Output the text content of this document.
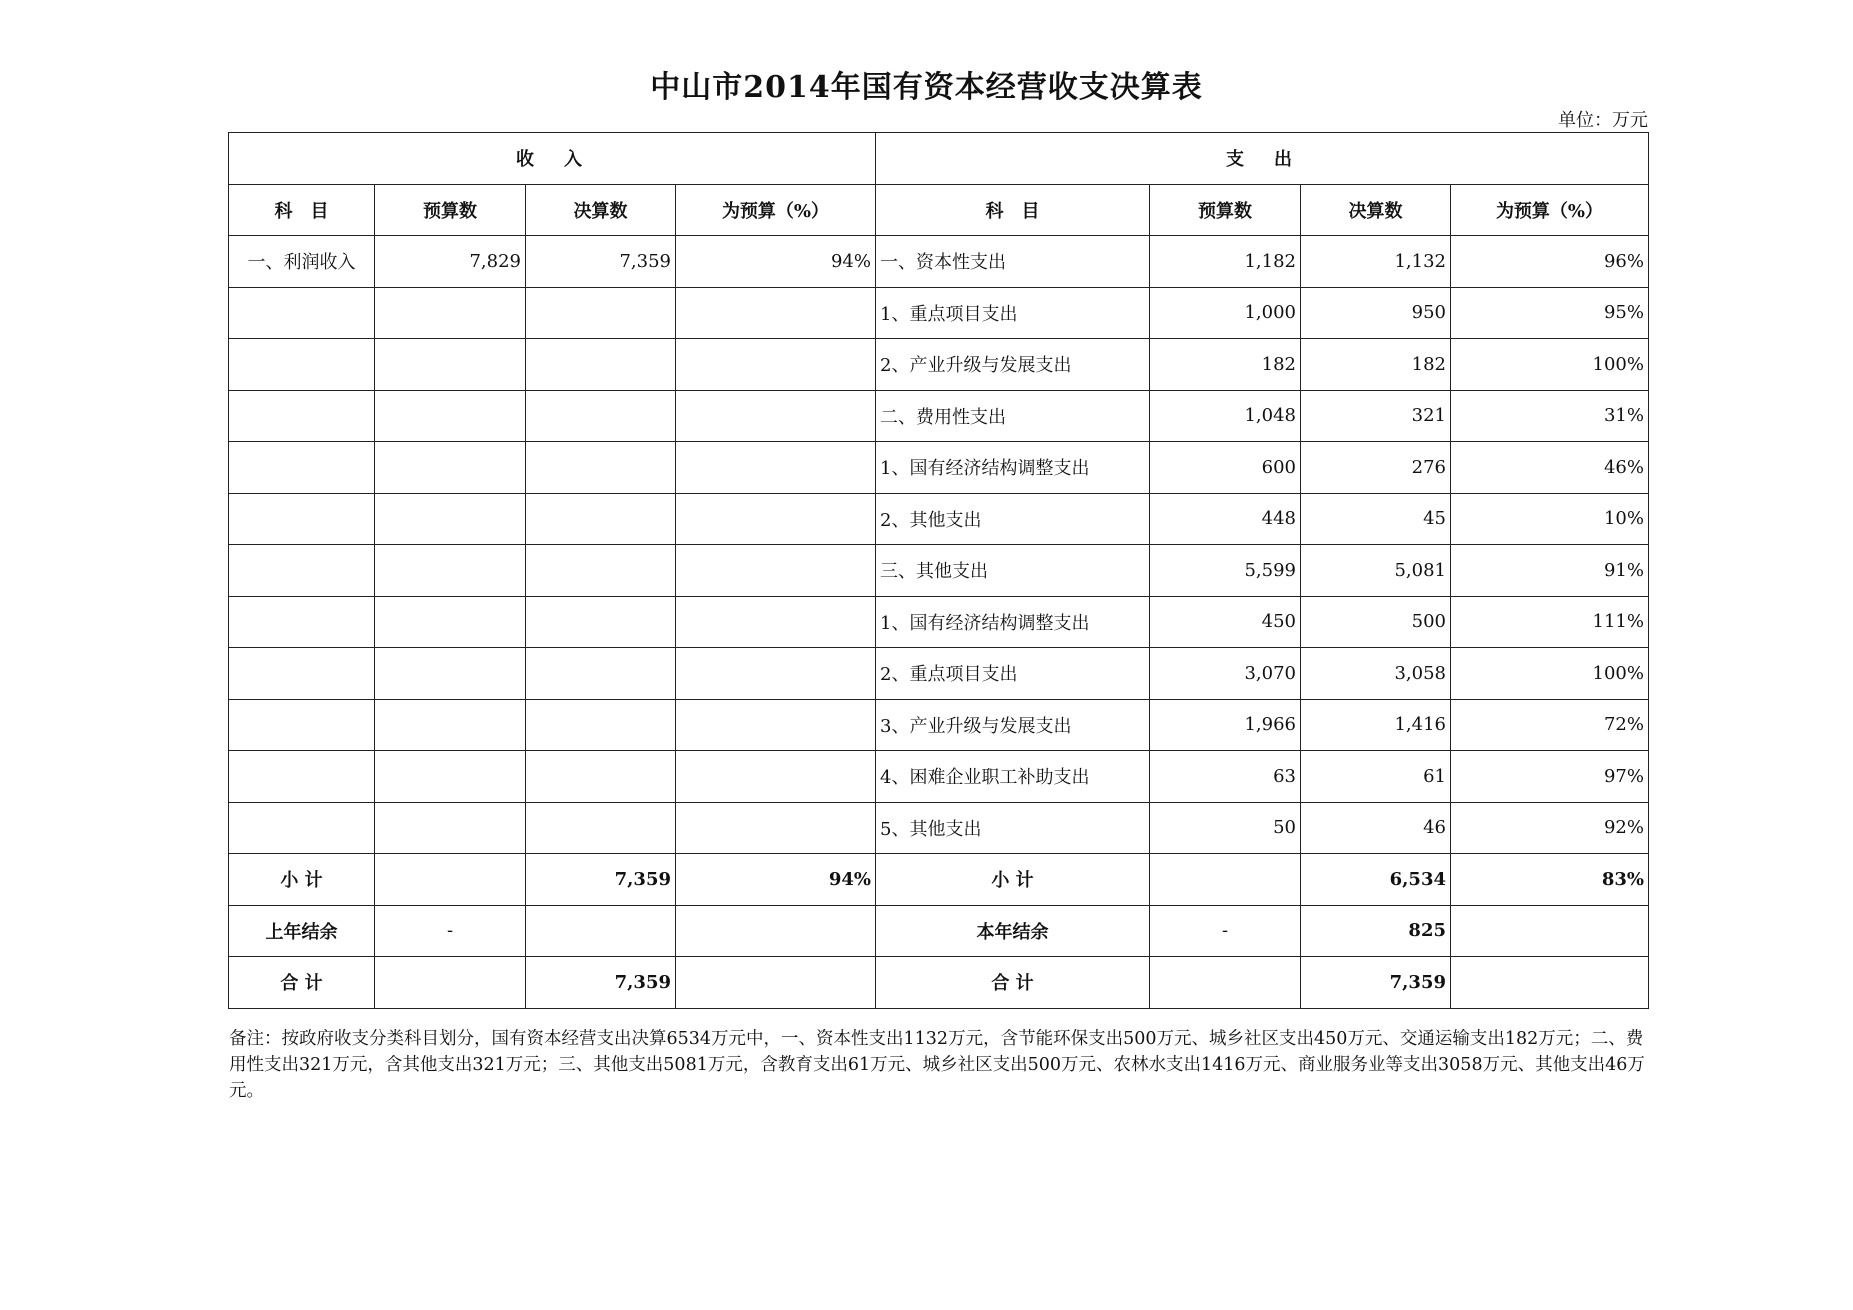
中山市2014年国有资本经营收支决算表
单位：万元
收　入				支　出			
科　目	预算数	决算数	为预算（%）	科　目	预算数	决算数	为预算（%）
一、利润收入	7,829	7,359	94%	一、资本性支出	1,182	1,132	96%
				1、重点项目支出	1,000	950	95%
				2、产业升级与发展支出	182	182	100%
				二、费用性支出	1,048	321	31%
				1、国有经济结构调整支出	600	276	46%
				2、其他支出	448	45	10%
				三、其他支出	5,599	5,081	91%
				1、国有经济结构调整支出	450	500	111%
				2、重点项目支出	3,070	3,058	100%
				3、产业升级与发展支出	1,966	1,416	72%
				4、困难企业职工补助支出	63	61	97%
				5、其他支出	50	46	92%
小 计		7,359	94%	小 计		6,534	83%
上年结余	-			本年结余	-	825	
合 计		7,359		合 计		7,359	

备注：按政府收支分类科目划分，国有资本经营支出决算6534万元中，一、资本性支出1132万元，含节能环保支出500万元、城乡社区支出450万元、交通运输支出182万元；二、费用性支出321万元，含其他支出321万元；三、其他支出5081万元，含教育支出61万元、城乡社区支出500万元、农林水支出1416万元、商业服务业等支出3058万元、其他支出46万元。
